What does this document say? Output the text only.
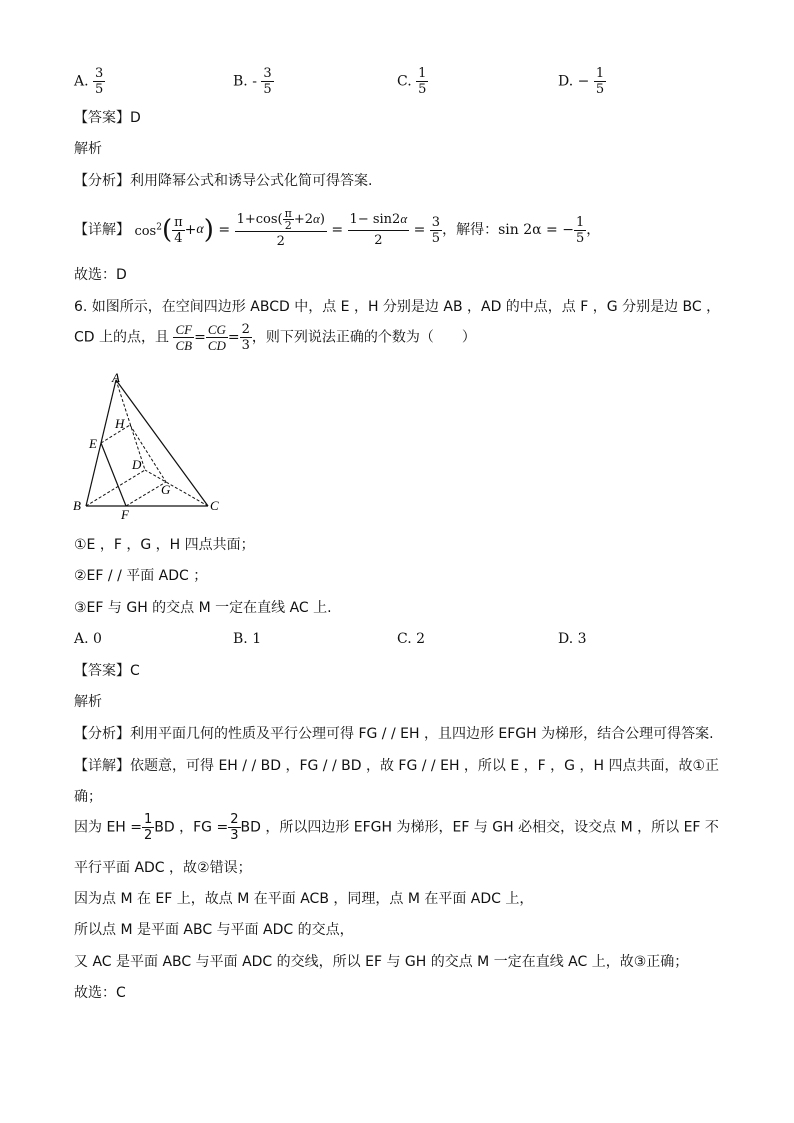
A. $\frac{3}{5}$	B. - $\frac{3}{5}$	C. $\frac{1}{5}$	D. − $\frac{1}{5}$
【答案】D
解析
【分析】利用降幂公式和诱导公式化简可得答案.
【详解】 $\cos^2( \frac{\pi}{4} +\alpha) = \frac{1+\cos( \frac{\pi}{2} +2\alpha)}{2} = \frac{1- \sin 2\alpha}{2} = \frac{3}{5}$ ，解得：sin 2α = − $\frac{1}{5}$ ，
故选：D
6. 如图所示，在空间四边形 ABCD 中，点 E ，H 分别是边 AB ，AD 的中点，点 F ，G 分别是边 BC ，
CD 上的点，且 $\frac{CF}{CB} = \frac{CG}{CD} = \frac{2}{3}$ ，则下列说法正确的个数为（　　）
A
B	C
D
E
F
G
H
①E ，F ，G ，H 四点共面；
②EF / / 平面 ADC ；
③EF 与 GH 的交点 M 一定在直线 AC 上.
A. 0	B. 1	C. 2	D. 3
【答案】C
解析
【分析】利用平面几何的性质及平行公理可得 FG / / EH ，且四边形 EFGH 为梯形，结合公理可得答案.
【详解】依题意，可得 EH / / BD ，FG / / BD ，故 FG / / EH ，所以 E ，F ，G ，H 四点共面，故①正
确；
因为 EH = $\frac{1}{2}$ BD ，FG = $\frac{2}{3}$ BD ，所以四边形 EFGH 为梯形，EF 与 GH 必相交，设交点 M ，所以 EF 不
平行平面 ADC ，故②错误；
因为点 M 在 EF 上，故点 M 在平面 ACB ，同理，点 M 在平面 ADC 上，
所以点 M 是平面 ABC 与平面 ADC 的交点，
又 AC 是平面 ABC 与平面 ADC 的交线，所以 EF 与 GH 的交点 M 一定在直线 AC 上，故③正确；
故选：C
